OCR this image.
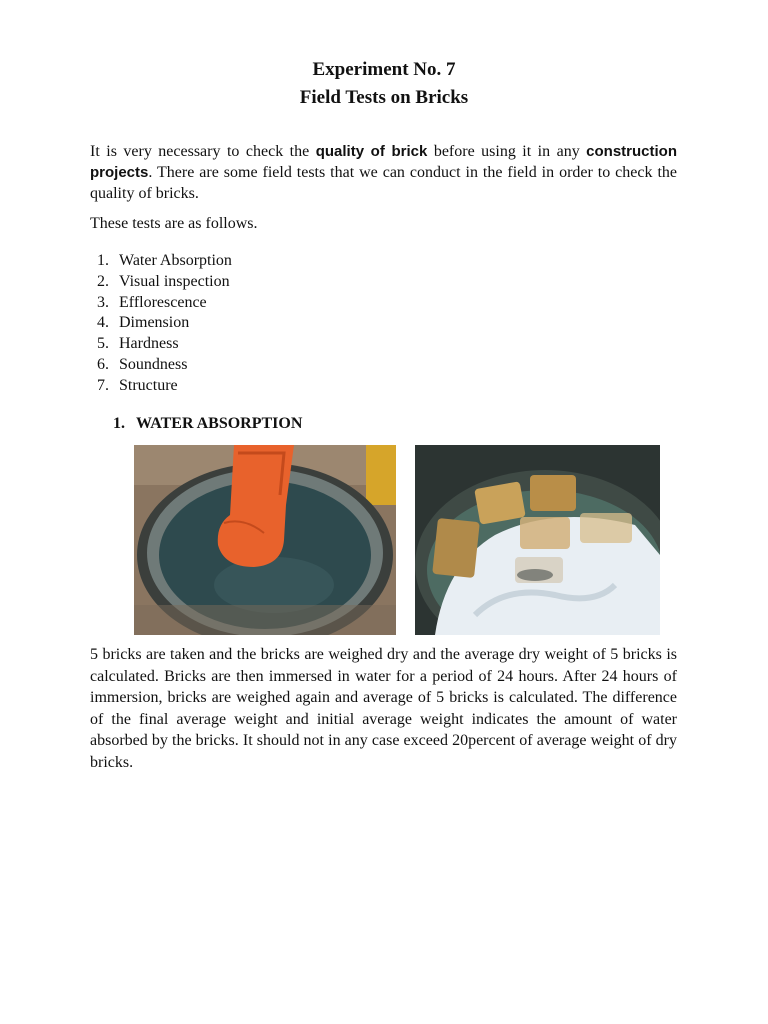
Experiment No. 7
Field Tests on Bricks

It is very necessary to check the quality of brick before using it in any construction projects. There are some field tests that we can conduct in the field in order to check the quality of bricks.

These tests are as follows.

1. Water Absorption
2. Visual inspection
3. Efflorescence
4. Dimension
5. Hardness
6. Soundness
7. Structure
1. WATER ABSORPTION

5 bricks are taken and the bricks are weighed dry and the average dry weight of 5 bricks is calculated. Bricks are then immersed in water for a period of 24 hours. After 24 hours of immersion, bricks are weighed again and average of 5 bricks is calculated. The difference of the final average weight and initial average weight indicates the amount of water absorbed by the bricks. It should not in any case exceed 20percent of average weight of dry bricks.
